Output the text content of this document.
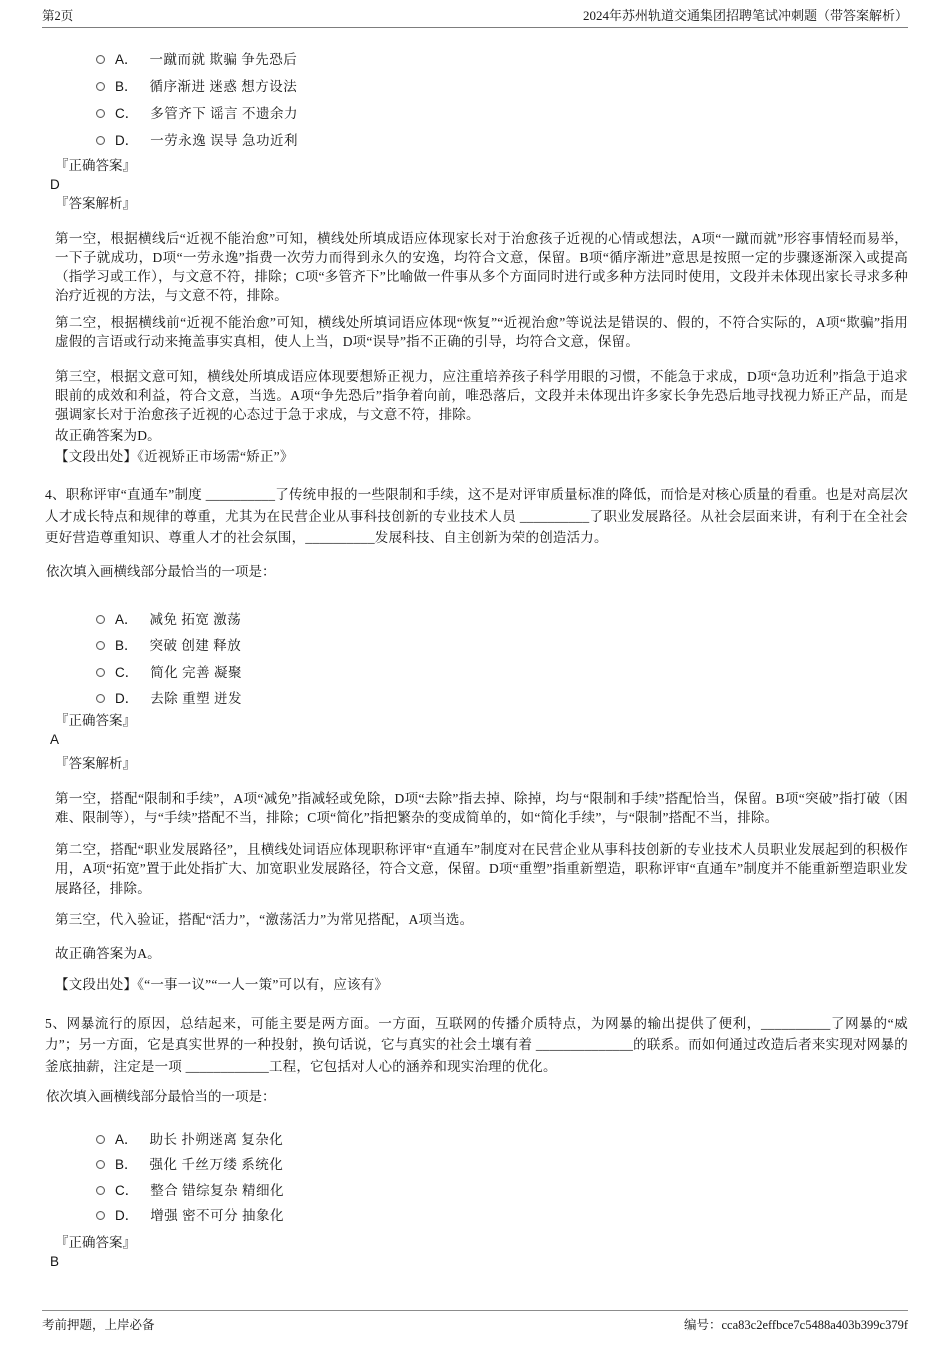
第2页	2024年苏州轨道交通集团招聘笔试冲刺题（带答案解析）
A． 一蹴而就 欺骗 争先恐后
B． 循序渐进 迷惑 想方设法
C． 多管齐下 谣言 不遗余力
D． 一劳永逸 误导 急功近利
『正确答案』
D
『答案解析』

第一空，根据横线后“近视不能治愈”可知，横线处所填成语应体现家长对于治愈孩子近视的心情或想法，A项“一蹴而就”形容事情轻而易举，一下子就成功，D项“一劳永逸”指费一次劳力而得到永久的安逸，均符合文意，保留。B项“循序渐进”意思是按照一定的步骤逐渐深入或提高（指学习或工作），与文意不符，排除；C项“多管齐下”比喻做一件事从多个方面同时进行或多种方法同时使用，文段并未体现出家长寻求多种治疗近视的方法，与文意不符，排除。

第二空，根据横线前“近视不能治愈”可知，横线处所填词语应体现“恢复”“近视治愈”等说法是错误的、假的，不符合实际的，A项“欺骗”指用虚假的言语或行动来掩盖事实真相，使人上当，D项“误导”指不正确的引导，均符合文意，保留。

第三空，根据文意可知，横线处所填成语应体现要想矫正视力，应注重培养孩子科学用眼的习惯，不能急于求成，D项“急功近利”指急于追求眼前的成效和利益，符合文意，当选。A项“争先恐后”指争着向前，唯恐落后，文段并未体现出许多家长争先恐后地寻找视力矫正产品，而是强调家长对于治愈孩子近视的心态过于急于求成，与文意不符，排除。

故正确答案为D。
【文段出处】《近视矫正市场需“矫正”》

4、职称评审“直通车”制度 __________了传统申报的一些限制和手续，这不是对评审质量标准的降低，而恰是对核心质量的看重。也是对高层次人才成长特点和规律的尊重，尤其为在民营企业从事科技创新的专业技术人员 __________了职业发展路径。从社会层面来讲，有利于在全社会更好营造尊重知识、尊重人才的社会氛围，__________发展科技、自主创新为荣的创造活力。

依次填入画横线部分最恰当的一项是：
A． 减免 拓宽 激荡
B． 突破 创建 释放
C． 简化 完善 凝聚
D． 去除 重塑 迸发
『正确答案』
A
『答案解析』

第一空，搭配“限制和手续”，A项“减免”指减轻或免除，D项“去除”指去掉、除掉，均与“限制和手续”搭配恰当，保留。B项“突破”指打破（困难、限制等），与“手续”搭配不当，排除；C项“简化”指把繁杂的变成简单的，如“简化手续”，与“限制”搭配不当，排除。

第二空，搭配“职业发展路径”，且横线处词语应体现职称评审“直通车”制度对在民营企业从事科技创新的专业技术人员职业发展起到的积极作用，A项“拓宽”置于此处指扩大、加宽职业发展路径，符合文意，保留。D项“重塑”指重新塑造，职称评审“直通车”制度并不能重新塑造职业发展路径，排除。

第三空，代入验证，搭配“活力”，“激荡活力”为常见搭配，A项当选。

故正确答案为A。
【文段出处】《“一事一议”“一人一策”可以有，应该有》

5、网暴流行的原因，总结起来，可能主要是两方面。一方面，互联网的传播介质特点，为网暴的输出提供了便利，__________了网暴的“威力”；另一方面，它是真实世界的一种投射，换句话说，它与真实的社会土壤有着 ______________的联系。而如何通过改造后者来实现对网暴的釜底抽薪，注定是一项 ____________工程，它包括对人心的涵养和现实治理的优化。

依次填入画横线部分最恰当的一项是：
A． 助长 扑朔迷离 复杂化
B． 强化 千丝万缕 系统化
C． 整合 错综复杂 精细化
D． 增强 密不可分 抽象化
『正确答案』
B
考前押题，上岸必备	编号：cca83c2effbce7c5488a403b399c379f
